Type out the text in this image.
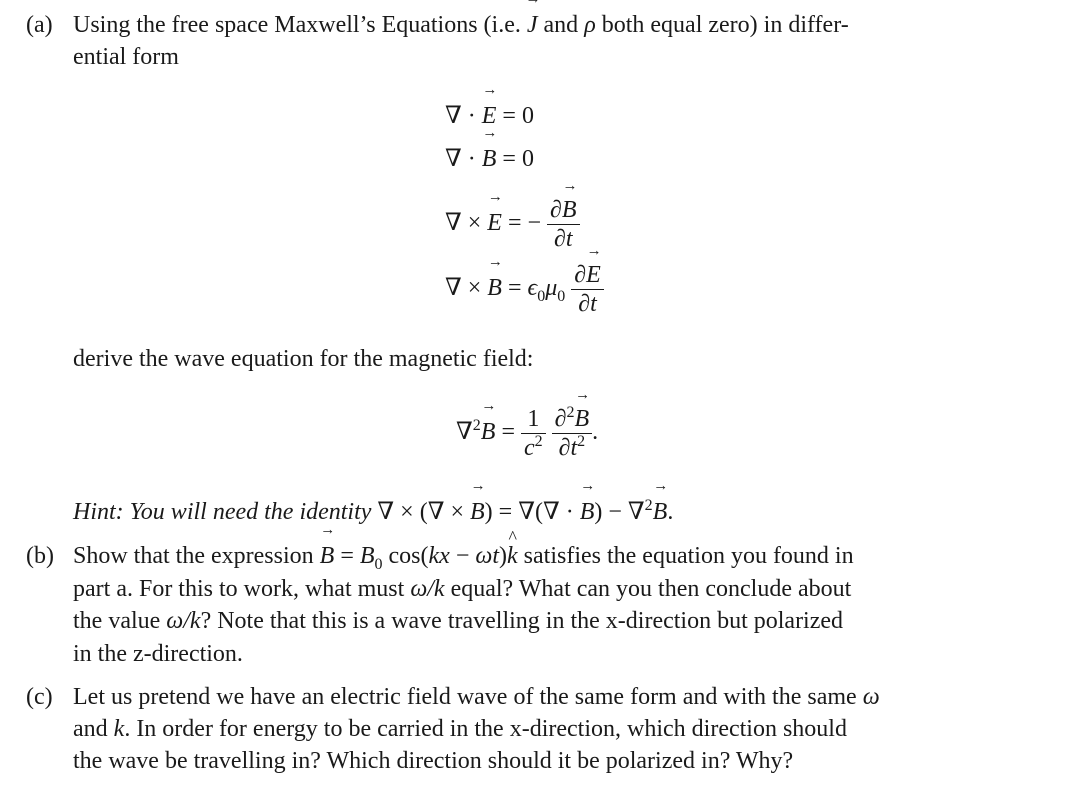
(a) Using the free space Maxwell’s Equations (i.e. → J and ρ both equal zero) in differ-
ential form
∇ · → E = 0
∇ · → B = 0
∇ × → E = − $\frac{\partial\to B}{\partial t}$
∇ × → $B = \epsilon_0\mu_0 \frac{\partial\to E}{\partial t}$
derive the wave equation for the magnetic field:
$\nabla^2\to B = \frac{1}{c^2}$
$\frac{\partial^2\to B}{\partial t^2}$ .
Hint: You will need the identity ∇ × (∇ × → B) = ∇(∇ · → B) − ∇$^2$→ B.
(b) Show that the expression → $B = B_0$ cos(kx − ωt)^ k satisfies the equation you found in
part a. For this to work, what must ω/k equal? What can you then conclude about
the value ω/k? Note that this is a wave travelling in the x-direction but polarized
in the z-direction.
(c) Let us pretend we have an electric field wave of the same form and with the same ω
and k. In order for energy to be carried in the x-direction, which direction should
the wave be travelling in? Which direction should it be polarized in? Why?
